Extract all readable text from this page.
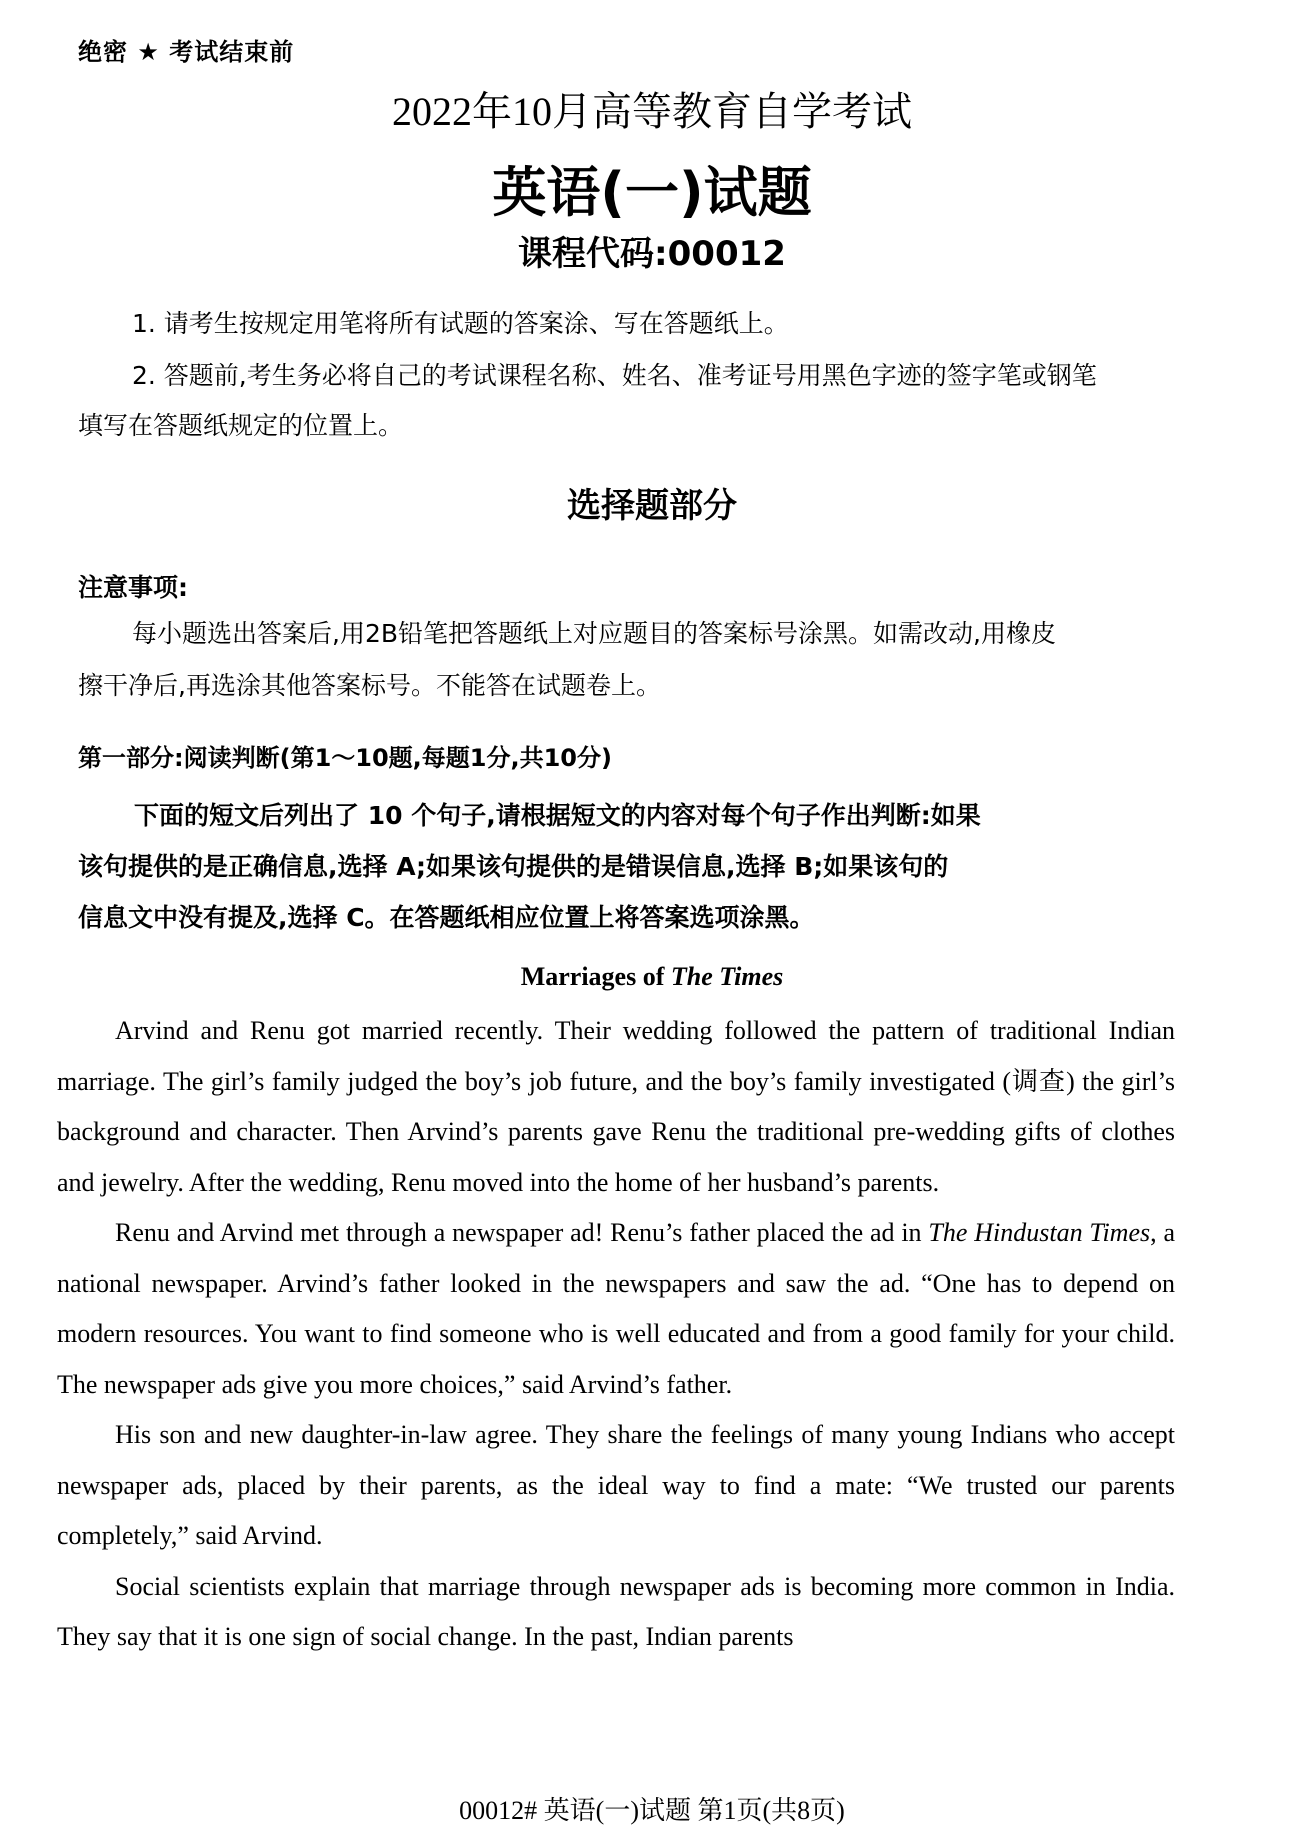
绝密 ★ 考试结束前
2022年10月高等教育自学考试
英语(一)试题
课程代码:00012
1. 请考生按规定用笔将所有试题的答案涂、写在答题纸上。
2. 答题前,考生务必将自己的考试课程名称、姓名、准考证号用黑色字迹的签字笔或钢笔
填写在答题纸规定的位置上。
选择题部分
注意事项:
每小题选出答案后,用2B铅笔把答题纸上对应题目的答案标号涂黑。如需改动,用橡皮
擦干净后,再选涂其他答案标号。不能答在试题卷上。
第一部分:阅读判断(第1～10题,每题1分,共10分)
下面的短文后列出了 10 个句子,请根据短文的内容对每个句子作出判断:如果
该句提供的是正确信息,选择 A;如果该句提供的是错误信息,选择 B;如果该句的
信息文中没有提及,选择 C。在答题纸相应位置上将答案选项涂黑。
Marriages of The Times

Arvind and Renu got married recently. Their wedding followed the pattern of traditional Indian marriage. The girl’s family judged the boy’s job future, and the boy’s family investigated (调查) the girl’s background and character. Then Arvind’s parents gave Renu the traditional pre-wedding gifts of clothes and jewelry. After the wedding, Renu moved into the home of her husband’s parents.

Renu and Arvind met through a newspaper ad! Renu’s father placed the ad in The Hindustan Times, a national newspaper. Arvind’s father looked in the newspapers and saw the ad. “One has to depend on modern resources. You want to find someone who is well educated and from a good family for your child. The newspaper ads give you more choices,” said Arvind’s father.

His son and new daughter-in-law agree. They share the feelings of many young Indians who accept newspaper ads, placed by their parents, as the ideal way to find a mate: “We trusted our parents completely,” said Arvind.

Social scientists explain that marriage through newspaper ads is becoming more common in India. They say that it is one sign of social change. In the past, Indian parents

00012# 英语(一)试题 第1页(共8页)
